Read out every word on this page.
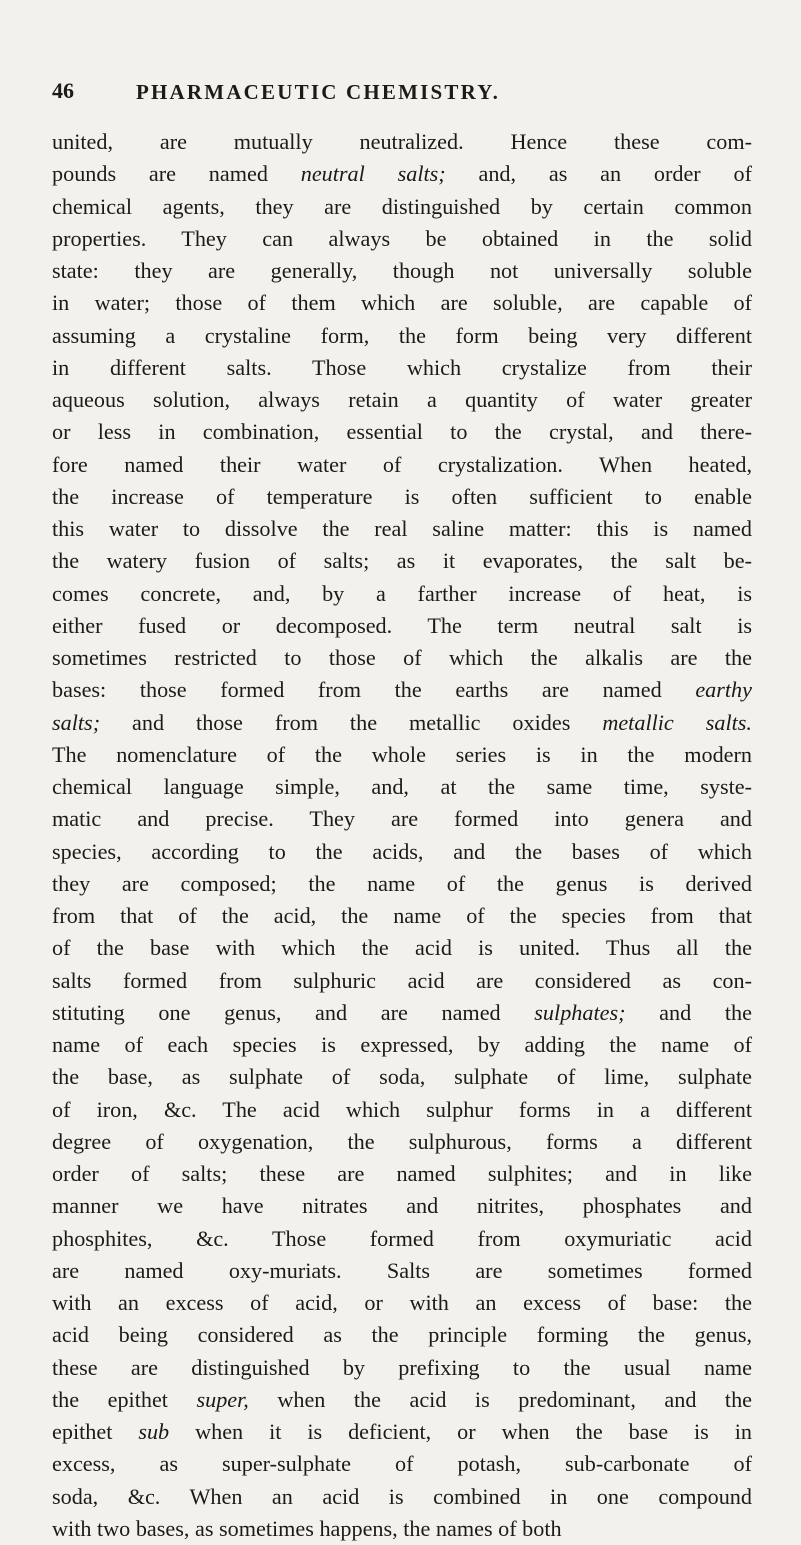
46	PHARMACEUTIC CHEMISTRY.
united, are mutually neutralized. Hence these com-
pounds are named neutral salts; and, as an order of
chemical agents, they are distinguished by certain common
properties. They can always be obtained in the solid
state: they are generally, though not universally soluble
in water; those of them which are soluble, are capable of
assuming a crystaline form, the form being very different
in different salts. Those which crystalize from their
aqueous solution, always retain a quantity of water greater
or less in combination, essential to the crystal, and there-
fore named their water of crystalization. When heated,
the increase of temperature is often sufficient to enable
this water to dissolve the real saline matter: this is named
the watery fusion of salts; as it evaporates, the salt be-
comes concrete, and, by a farther increase of heat, is
either fused or decomposed. The term neutral salt is
sometimes restricted to those of which the alkalis are the
bases: those formed from the earths are named earthy
salts; and those from the metallic oxides metallic salts.
The nomenclature of the whole series is in the modern
chemical language simple, and, at the same time, syste-
matic and precise. They are formed into genera and
species, according to the acids, and the bases of which
they are composed; the name of the genus is derived
from that of the acid, the name of the species from that
of the base with which the acid is united. Thus all the
salts formed from sulphuric acid are considered as con-
stituting one genus, and are named sulphates; and the
name of each species is expressed, by adding the name of
the base, as sulphate of soda, sulphate of lime, sulphate
of iron, &c. The acid which sulphur forms in a different
degree of oxygenation, the sulphurous, forms a different
order of salts; these are named sulphites; and in like
manner we have nitrates and nitrites, phosphates and
phosphites, &c. Those formed from oxymuriatic acid
are named oxy-muriats. Salts are sometimes formed
with an excess of acid, or with an excess of base: the
acid being considered as the principle forming the genus,
these are distinguished by prefixing to the usual name
the epithet super, when the acid is predominant, and the
epithet sub when it is deficient, or when the base is in
excess, as super-sulphate of potash, sub-carbonate of
soda, &c. When an acid is combined in one compound
with two bases, as sometimes happens, the names of both
